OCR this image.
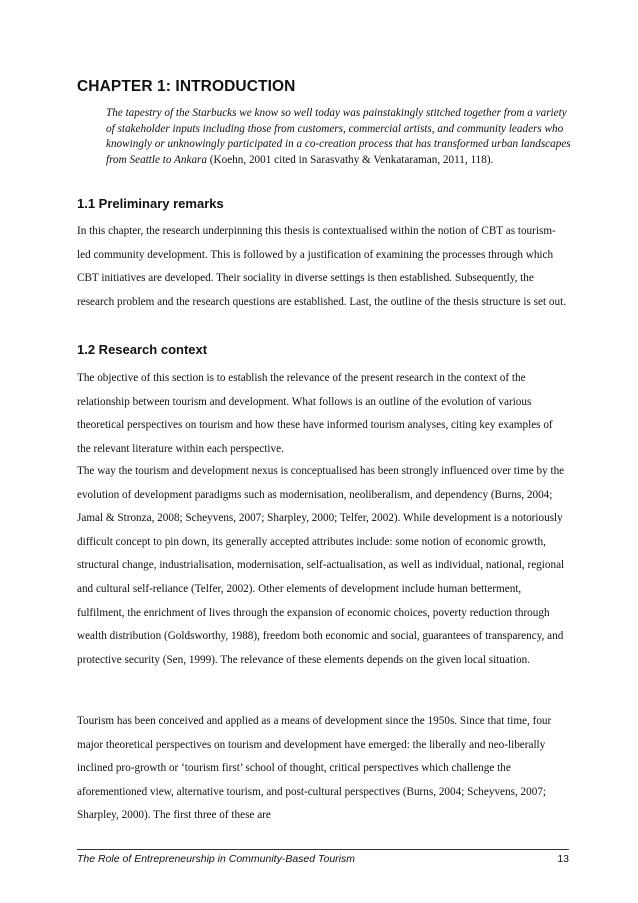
CHAPTER 1: INTRODUCTION

The tapestry of the Starbucks we know so well today was painstakingly stitched together from a variety of stakeholder inputs including those from customers, commercial artists, and community leaders who knowingly or unknowingly participated in a co-creation process that has transformed urban landscapes from Seattle to Ankara (Koehn, 2001 cited in Sarasvathy & Venkataraman, 2011, 118).

1.1 Preliminary remarks

In this chapter, the research underpinning this thesis is contextualised within the notion of CBT as tourism-led community development. This is followed by a justification of examining the processes through which CBT initiatives are developed. Their sociality in diverse settings is then established. Subsequently, the research problem and the research questions are established. Last, the outline of the thesis structure is set out.

1.2 Research context

The objective of this section is to establish the relevance of the present research in the context of the relationship between tourism and development. What follows is an outline of the evolution of various theoretical perspectives on tourism and how these have informed tourism analyses, citing key examples of the relevant literature within each perspective.

The way the tourism and development nexus is conceptualised has been strongly influenced over time by the evolution of development paradigms such as modernisation, neoliberalism, and dependency (Burns, 2004; Jamal & Stronza, 2008; Scheyvens, 2007; Sharpley, 2000; Telfer, 2002). While development is a notoriously difficult concept to pin down, its generally accepted attributes include: some notion of economic growth, structural change, industrialisation, modernisation, self-actualisation, as well as individual, national, regional and cultural self-reliance (Telfer, 2002). Other elements of development include human betterment, fulfilment, the enrichment of lives through the expansion of economic choices, poverty reduction through wealth distribution (Goldsworthy, 1988), freedom both economic and social, guarantees of transparency, and protective security (Sen, 1999). The relevance of these elements depends on the given local situation.

Tourism has been conceived and applied as a means of development since the 1950s. Since that time, four major theoretical perspectives on tourism and development have emerged: the liberally and neo-liberally inclined pro-growth or ‘tourism first’ school of thought, critical perspectives which challenge the aforementioned view, alternative tourism, and post-cultural perspectives (Burns, 2004; Scheyvens, 2007; Sharpley, 2000). The first three of these are

The Role of Entrepreneurship in Community-Based Tourism	13
